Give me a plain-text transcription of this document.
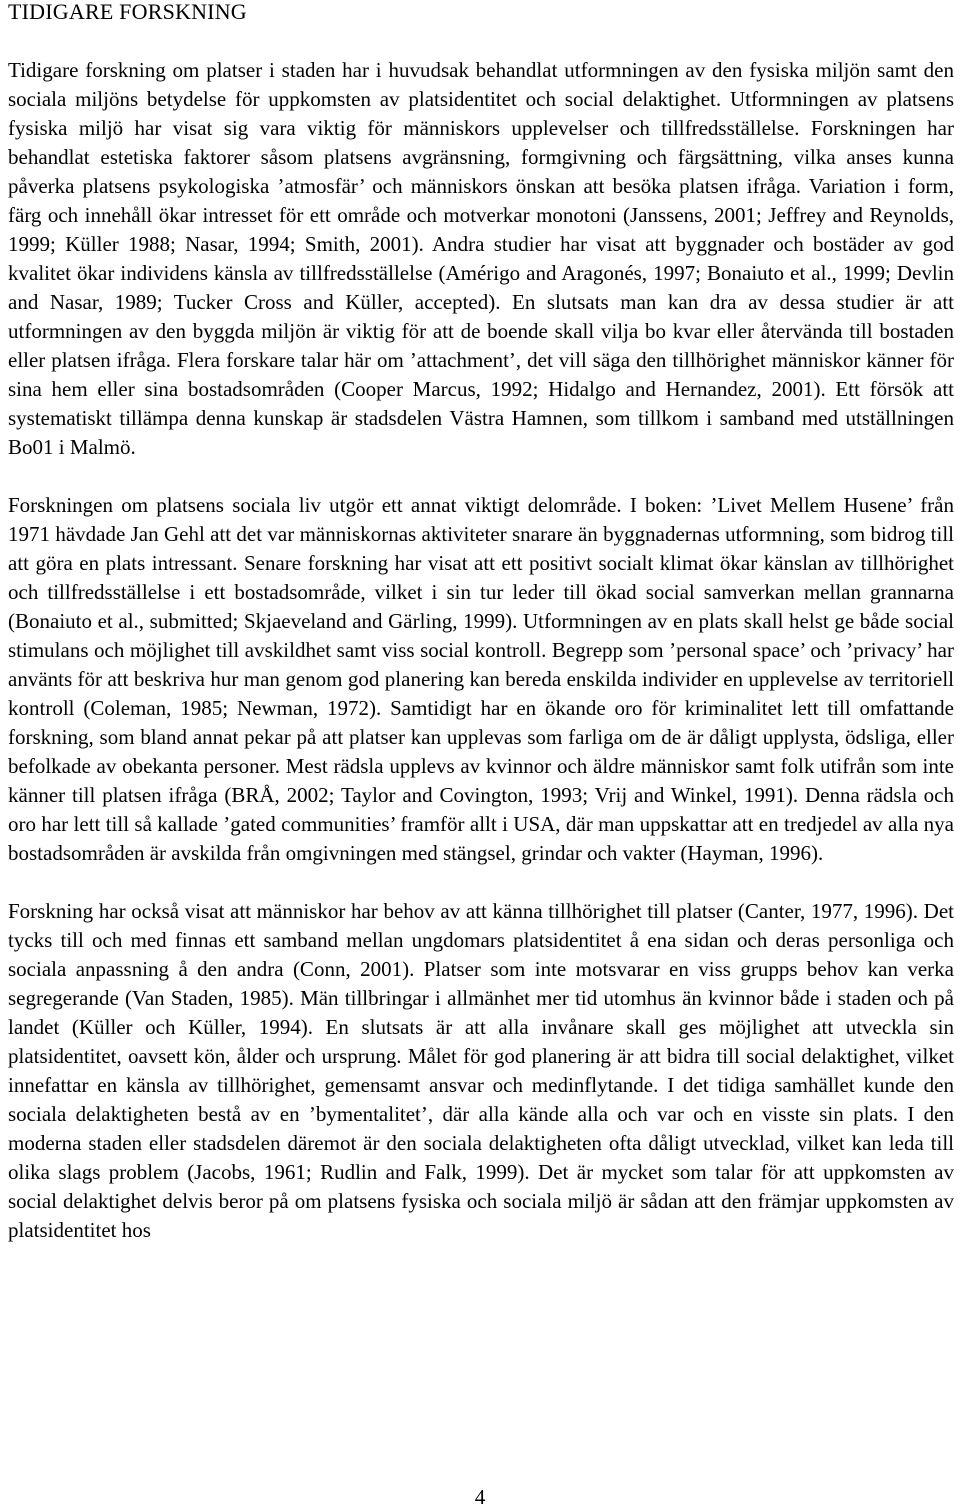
TIDIGARE FORSKNING

Tidigare forskning om platser i staden har i huvudsak behandlat utformningen av den fysiska miljön samt den sociala miljöns betydelse för uppkomsten av platsidentitet och social delaktighet. Utformningen av platsens fysiska miljö har visat sig vara viktig för människors upplevelser och tillfredsställelse. Forskningen har behandlat estetiska faktorer såsom platsens avgränsning, formgivning och färgsättning, vilka anses kunna påverka platsens psykologiska ’atmosfär’ och människors önskan att besöka platsen ifråga. Variation i form, färg och innehåll ökar intresset för ett område och motverkar monotoni (Janssens, 2001; Jeffrey and Reynolds, 1999; Küller 1988; Nasar, 1994; Smith, 2001). Andra studier har visat att byggnader och bostäder av god kvalitet ökar individens känsla av tillfredsställelse (Amérigo and Aragonés, 1997; Bonaiuto et al., 1999; Devlin and Nasar, 1989; Tucker Cross and Küller, accepted). En slutsats man kan dra av dessa studier är att utformningen av den byggda miljön är viktig för att de boende skall vilja bo kvar eller återvända till bostaden eller platsen ifråga. Flera forskare talar här om ’attachment’, det vill säga den tillhörighet människor känner för sina hem eller sina bostadsområden (Cooper Marcus, 1992; Hidalgo and Hernandez, 2001). Ett försök att systematiskt tillämpa denna kunskap är stadsdelen Västra Hamnen, som tillkom i samband med utställningen Bo01 i Malmö.

Forskningen om platsens sociala liv utgör ett annat viktigt delområde. I boken: ’Livet Mellem Husene’ från 1971 hävdade Jan Gehl att det var människornas aktiviteter snarare än byggnadernas utformning, som bidrog till att göra en plats intressant. Senare forskning har visat att ett positivt socialt klimat ökar känslan av tillhörighet och tillfredsställelse i ett bostadsområde, vilket i sin tur leder till ökad social samverkan mellan grannarna (Bonaiuto et al., submitted; Skjaeveland and Gärling, 1999). Utformningen av en plats skall helst ge både social stimulans och möjlighet till avskildhet samt viss social kontroll. Begrepp som ’personal space’ och ’privacy’ har använts för att beskriva hur man genom god planering kan bereda enskilda individer en upplevelse av territoriell kontroll (Coleman, 1985; Newman, 1972). Samtidigt har en ökande oro för kriminalitet lett till omfattande forskning, som bland annat pekar på att platser kan upplevas som farliga om de är dåligt upplysta, ödsliga, eller befolkade av obekanta personer. Mest rädsla upplevs av kvinnor och äldre människor samt folk utifrån som inte känner till platsen ifråga (BRÅ, 2002; Taylor and Covington, 1993; Vrij and Winkel, 1991). Denna rädsla och oro har lett till så kallade ’gated communities’ framför allt i USA, där man uppskattar att en tredjedel av alla nya bostadsområden är avskilda från omgivningen med stängsel, grindar och vakter (Hayman, 1996).

Forskning har också visat att människor har behov av att känna tillhörighet till platser (Canter, 1977, 1996). Det tycks till och med finnas ett samband mellan ungdomars platsidentitet å ena sidan och deras personliga och sociala anpassning å den andra (Conn, 2001). Platser som inte motsvarar en viss grupps behov kan verka segregerande (Van Staden, 1985). Män tillbringar i allmänhet mer tid utomhus än kvinnor både i staden och på landet (Küller och Küller, 1994). En slutsats är att alla invånare skall ges möjlighet att utveckla sin platsidentitet, oavsett kön, ålder och ursprung. Målet för god planering är att bidra till social delaktighet, vilket innefattar en känsla av tillhörighet, gemensamt ansvar och medinflytande. I det tidiga samhället kunde den sociala delaktigheten bestå av en ’bymentalitet’, där alla kände alla och var och en visste sin plats. I den moderna staden eller stadsdelen däremot är den sociala delaktigheten ofta dåligt utvecklad, vilket kan leda till olika slags problem (Jacobs, 1961; Rudlin and Falk, 1999). Det är mycket som talar för att uppkomsten av social delaktighet delvis beror på om platsens fysiska och sociala miljö är sådan att den främjar uppkomsten av platsidentitet hos

4
